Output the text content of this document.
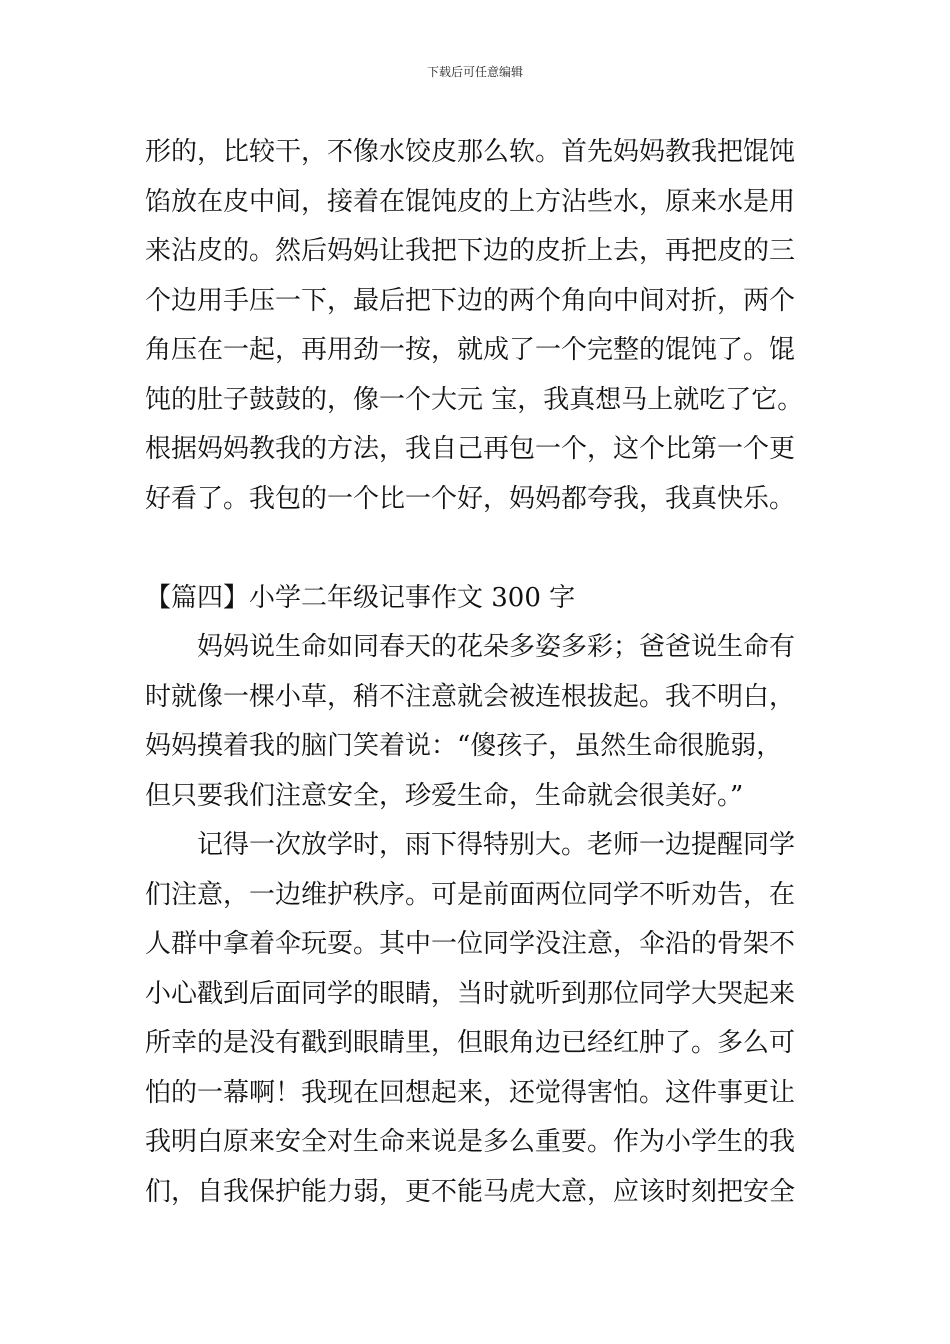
下载后可任意编辑

形的，比较干，不像水饺皮那么软。首先妈妈教我把馄饨
馅放在皮中间，接着在馄饨皮的上方沾些水，原来水是用
来沾皮的。然后妈妈让我把下边的皮折上去，再把皮的三
个边用手压一下，最后把下边的两个角向中间对折，两个
角压在一起，再用劲一按，就成了一个完整的馄饨了。馄
饨的肚子鼓鼓的，像一个大元 宝，我真想马上就吃了它。
根据妈妈教我的方法，我自己再包一个，这个比第一个更
好看了。我包的一个比一个好，妈妈都夸我，我真快乐。

【篇四】小学二年级记事作文 300 字

妈妈说生命如同春天的花朵多姿多彩；爸爸说生命有
时就像一棵小草，稍不注意就会被连根拔起。我不明白，
妈妈摸着我的脑门笑着说：“傻孩子，虽然生命很脆弱，
但只要我们注意安全，珍爱生命，生命就会很美好。”

记得一次放学时，雨下得特别大。老师一边提醒同学
们注意，一边维护秩序。可是前面两位同学不听劝告，在
人群中拿着伞玩耍。其中一位同学没注意，伞沿的骨架不
小心戳到后面同学的眼睛，当时就听到那位同学大哭起来
所幸的是没有戳到眼睛里，但眼角边已经红肿了。多么可
怕的一幕啊！我现在回想起来，还觉得害怕。这件事更让
我明白原来安全对生命来说是多么重要。作为小学生的我
们，自我保护能力弱，更不能马虎大意，应该时刻把安全
